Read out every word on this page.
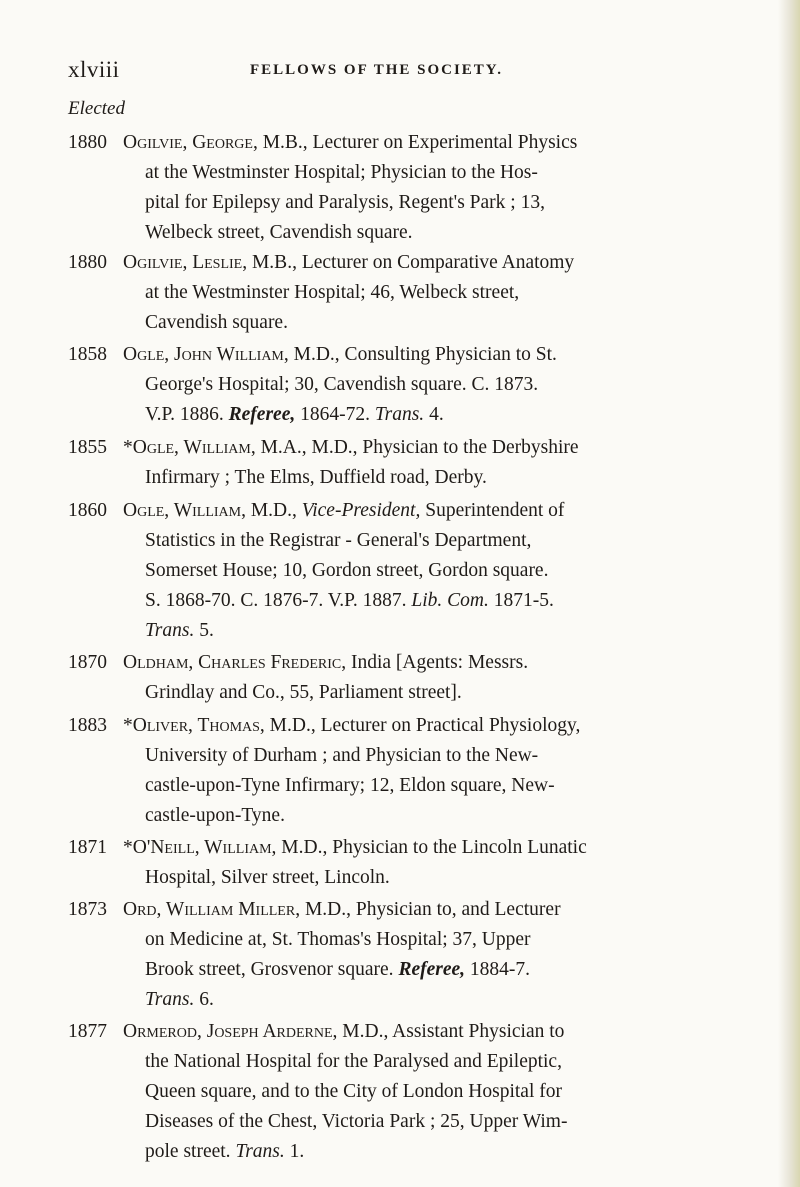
xlviii	FELLOWS OF THE SOCIETY.
Elected
1880 Ogilvie, George, M.B., Lecturer on Experimental Physics
at the Westminster Hospital; Physician to the Hos-
pital for Epilepsy and Paralysis, Regent's Park ; 13,
Welbeck street, Cavendish square.
1880 Ogilvie, Leslie, M.B., Lecturer on Comparative Anatomy
at the Westminster Hospital; 46, Welbeck street,
Cavendish square.
1858 Ogle, John William, M.D., Consulting Physician to St.
George's Hospital; 30, Cavendish square. C. 1873.
V.P. 1886. Referee, 1864-72. Trans. 4.
1855 *Ogle, William, M.A., M.D., Physician to the Derbyshire
Infirmary ; The Elms, Duffield road, Derby.
1860 Ogle, William, M.D., Vice-President, Superintendent of
Statistics in the Registrar - General's Department,
Somerset House; 10, Gordon street, Gordon square.
S. 1868-70. C. 1876-7. V.P. 1887. Lib. Com. 1871-5.
Trans. 5.
1870 Oldham, Charles Frederic, India [Agents: Messrs.
Grindlay and Co., 55, Parliament street].
1883 *Oliver, Thomas, M.D., Lecturer on Practical Physiology,
University of Durham ; and Physician to the New-
castle-upon-Tyne Infirmary; 12, Eldon square, New-
castle-upon-Tyne.
1871 *O'Neill, William, M.D., Physician to the Lincoln Lunatic
Hospital, Silver street, Lincoln.
1873 Ord, William Miller, M.D., Physician to, and Lecturer
on Medicine at, St. Thomas's Hospital; 37, Upper
Brook street, Grosvenor square. Referee, 1884-7.
Trans. 6.
1877 Ormerod, Joseph Arderne, M.D., Assistant Physician to
the National Hospital for the Paralysed and Epileptic,
Queen square, and to the City of London Hospital for
Diseases of the Chest, Victoria Park ; 25, Upper Wim-
pole street. Trans. 1.
